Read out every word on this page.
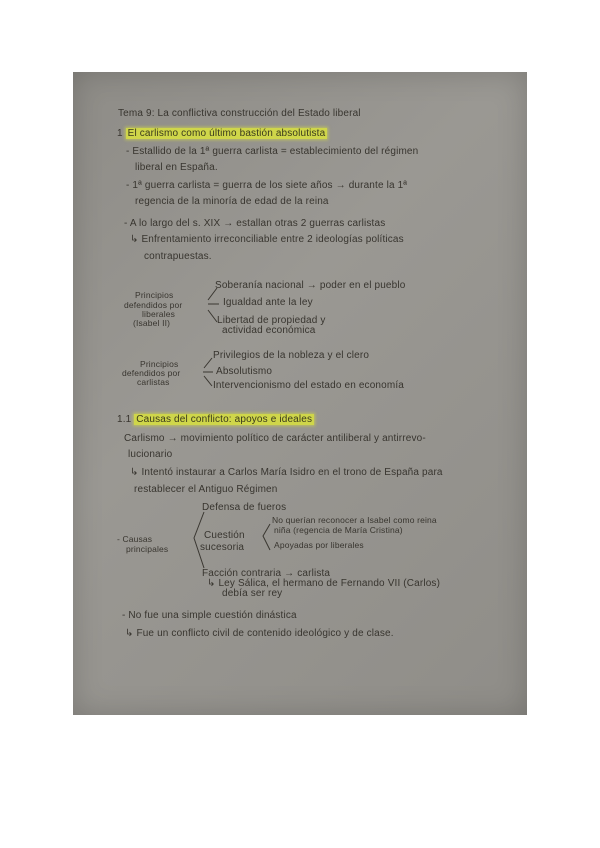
Tema 9: La conflictiva construcción del Estado liberal
1 El carlismo como último bastión absolutista
- Estallido de la 1ª guerra carlista = establecimiento del régimen
liberal en España.
- 1ª guerra carlista = guerra de los siete años → durante la 1ª
regencia de la minoría de edad de la reina
- A lo largo del s. XIX → estallan otras 2 guerras carlistas
↳ Enfrentamiento irreconciliable entre 2 ideologías políticas
contrapuestas.
Principios
defendidos por
liberales
(Isabel II)
Soberanía nacional → poder en el pueblo
Igualdad ante la ley
Libertad de propiedad y
actividad económica
Principios
defendidos por
carlistas
Privilegios de la nobleza y el clero
Absolutismo
Intervencionismo del estado en economía
1.1 Causas del conflicto: apoyos e ideales
Carlismo → movimiento político de carácter antiliberal y antirrevo-
lucionario
↳ Intentó instaurar a Carlos María Isidro en el trono de España para
restablecer el Antiguo Régimen
Defensa de fueros
- Causas
principales
Cuestión
sucesoria
No querían reconocer a Isabel como reina
niña (regencia de María Cristina)
Apoyadas por liberales
Facción contraria → carlista
↳ Ley Sálica, el hermano de Fernando VII (Carlos)
debía ser rey
- No fue una simple cuestión dinástica
↳ Fue un conflicto civil de contenido ideológico y de clase.
